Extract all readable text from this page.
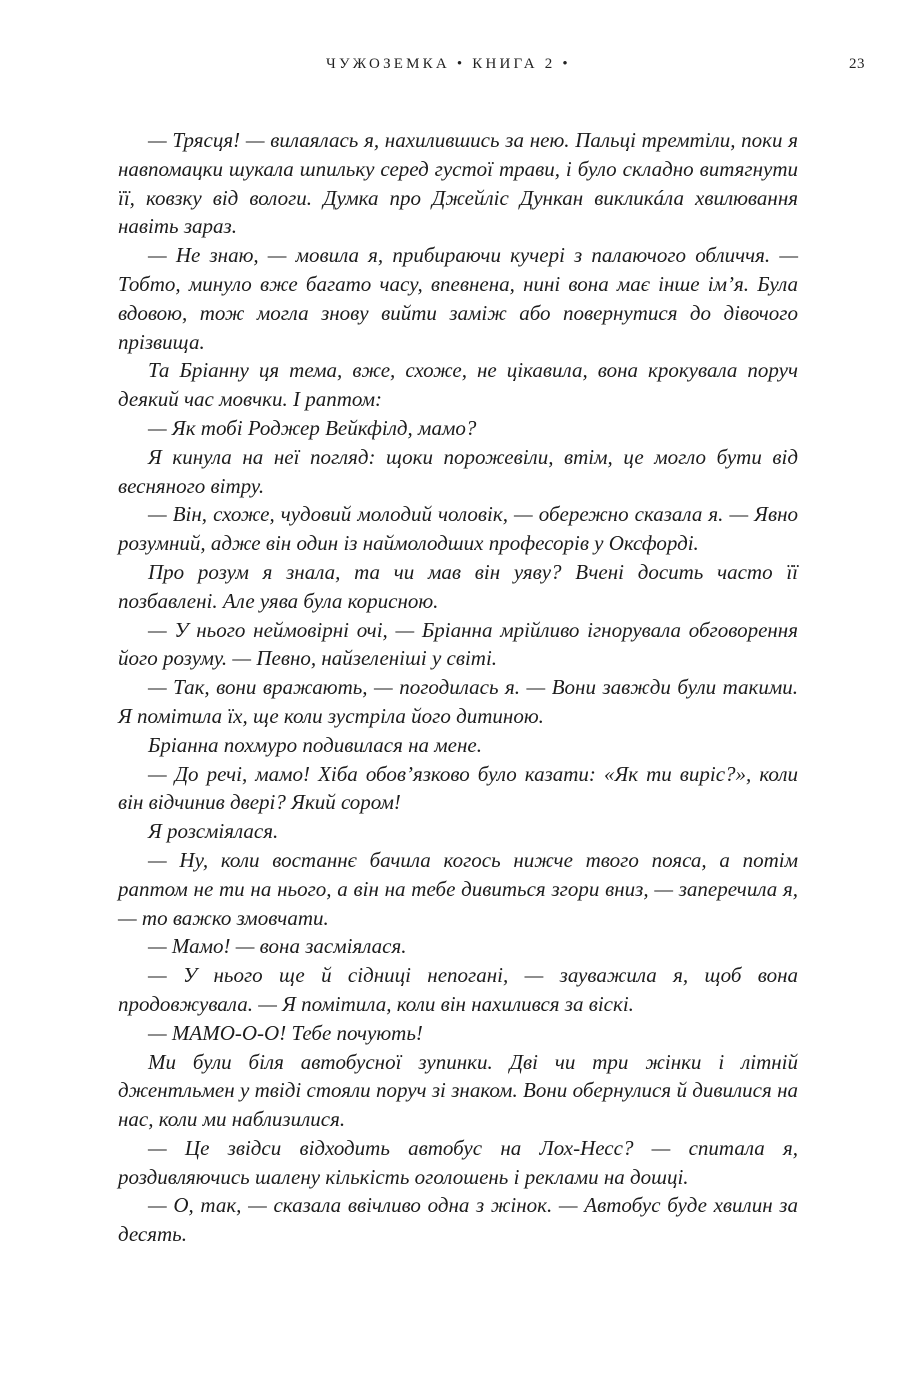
ЧУЖОЗЕМКА • КНИГА 2 •	23

— Трясця! — вилаялась я, нахилившись за нею. Пальці тремтіли, поки я навпомацки шукала шпильку серед густої трави, і було складно витягнути її, ковзку від вологи. Думка про Джейліс Дункан викликáла хвилювання навіть зараз.

— Не знаю, — мовила я, прибираючи кучері з палаючого обличчя. — Тобто, минуло вже багато часу, впевнена, нині вона має інше ім’я. Була вдовою, тож могла знову вийти заміж або повернутися до дівочого прізвища.

Та Бріанну ця тема, вже, схоже, не цікавила, вона крокувала поруч деякий час мовчки. І раптом:

— Як тобі Роджер Вейкфілд, мамо?

Я кинула на неї погляд: щоки порожевіли, втім, це могло бути від весняного вітру.

— Він, схоже, чудовий молодий чоловік, — обережно сказала я. — Явно розумний, адже він один із наймолодших професорів у Оксфорді.

Про розум я знала, та чи мав він уяву? Вчені досить часто її позбавлені. Але уява була корисною.

— У нього неймовірні очі, — Бріанна мрійливо ігнорувала обговорення його розуму. — Певно, найзеленіші у світі.

— Так, вони вражають, — погодилась я. — Вони завжди були такими. Я помітила їх, ще коли зустріла його дитиною.

Бріанна похмуро подивилася на мене.

— До речі, мамо! Хіба обов’язково було казати: «Як ти виріс?», коли він відчинив двері? Який сором!

Я розсміялася.

— Ну, коли востаннє бачила когось нижче твого пояса, а потім раптом не ти на нього, а він на тебе дивиться згори вниз, — заперечила я, — то важко змовчати.

— Мамо! — вона засміялася.

— У нього ще й сідниці непогані, — зауважила я, щоб вона продовжувала. — Я помітила, коли він нахилився за віскі.

— МАМО-О-О! Тебе почують!

Ми були біля автобусної зупинки. Дві чи три жінки і літній джентльмен у твіді стояли поруч зі знаком. Вони обернулися й дивилися на нас, коли ми наблизилися.

— Це звідси відходить автобус на Лох-Несс? — спитала я, роздивляючись шалену кількість оголошень і реклами на дошці.

— О, так, — сказала ввічливо одна з жінок. — Автобус буде хвилин за десять.
